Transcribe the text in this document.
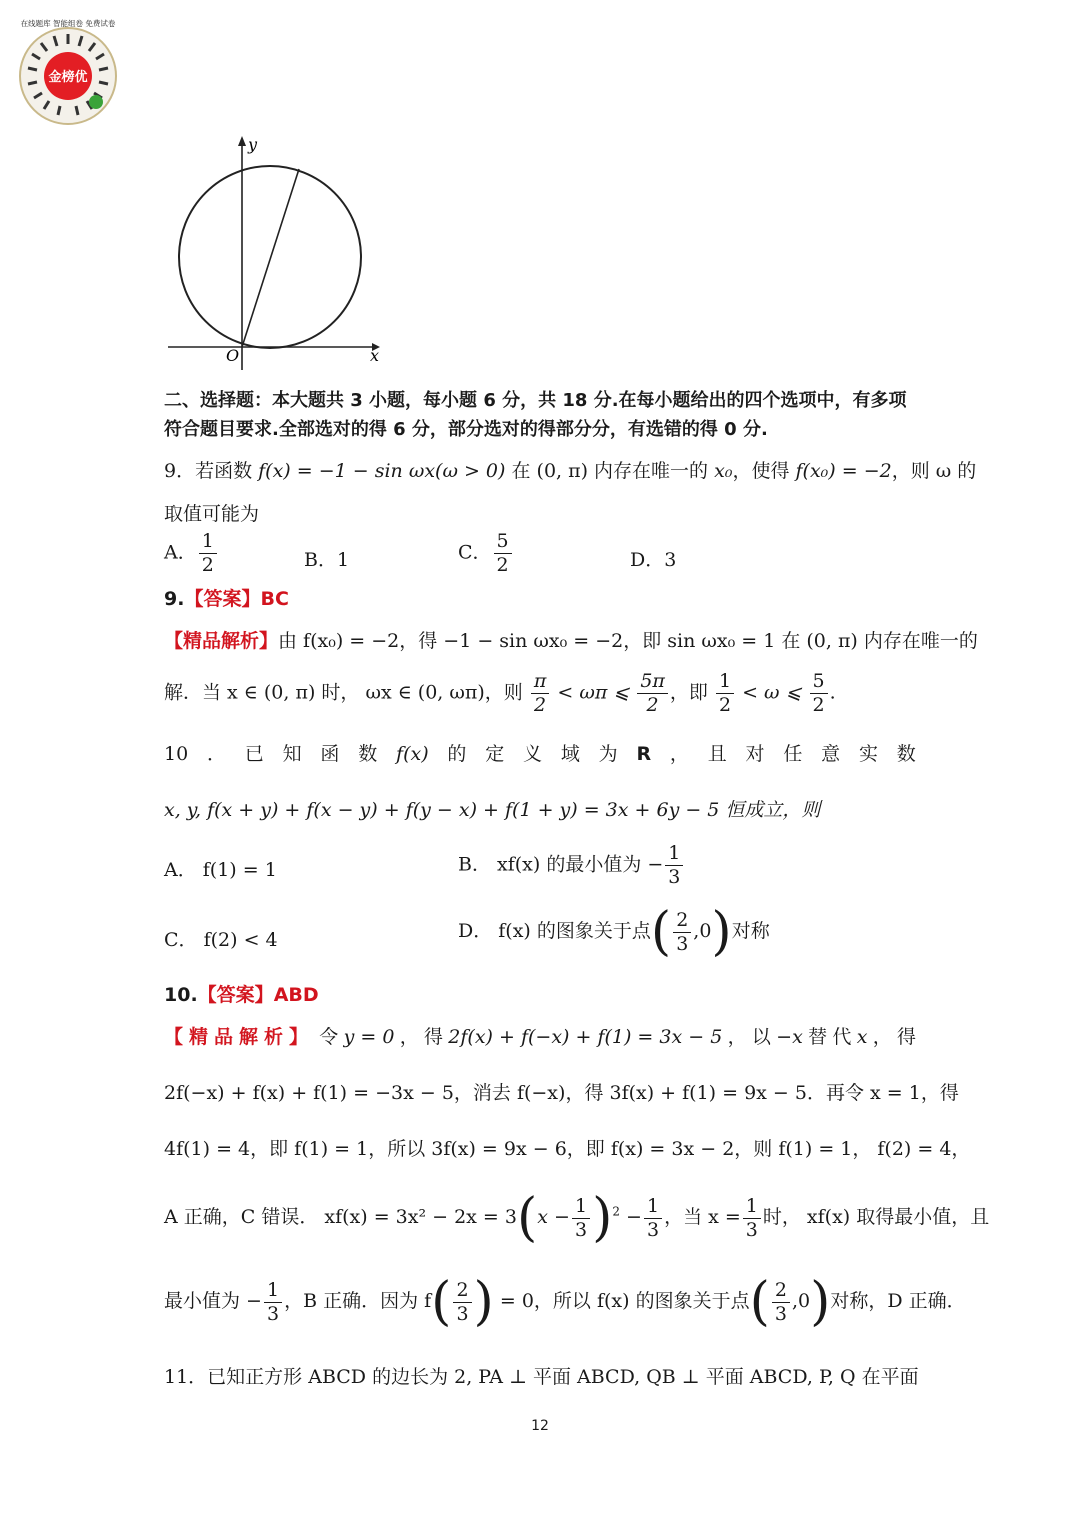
金榜优
在线题库 智能组卷 免费试卷
y
x
O
二、选择题：本大题共 3 小题，每小题 6 分，共 18 分.在每小题给出的四个选项中，有多项
符合题目要求.全部选对的得 6 分，部分选对的得部分分，有选错的得 0 分.
9．若函数 f(x) = −1 − sin ωx(ω > 0) 在 (0, π) 内存在唯一的 x₀，使得 f(x₀) = −2，则 ω 的
取值可能为
A． $\frac{1}{2}$	B．1	C． $\frac{5}{2}$	D．3
9.【答案】BC
【精品解析】由 f(x₀) = −2，得 −1 − sin ωx₀ = −2，即 sin ωx₀ = 1 在 (0, π) 内存在唯一的
解．当 x ∈ (0, π) 时， ωx ∈ (0, ωπ)，则 $\frac{\pi}{2} < \omega\pi$ ⩽ $\frac{5\pi}{2}$ ，即 $\frac{1}{2} < \omega$ ⩽ $\frac{5}{2}$ .
10 ． 已 知 函 数 f(x) 的 定 义 域 为 R ， 且 对 任 意 实 数
x, y, f(x + y) + f(x − y) + f(y − x) + f(1 + y) = 3x + 6y − 5 恒成立，则
A． f(1) = 1	B． xf(x) 的最小值为 − $\frac{1}{3}$
C． f(2) < 4	D． f(x) 的图象关于点( $\frac{2}{3} ,0$)对称
10.【答案】ABD
【精品解析】 令 y = 0 ， 得 2f(x) + f(−x) + f(1) = 3x − 5 ， 以 −x 替 代 x ， 得
2f(−x) + f(x) + f(1) = −3x − 5，消去 f(−x)，得 3f(x) + f(1) = 9x − 5．再令 x = 1，得
4f(1) = 4，即 f(1) = 1，所以 3f(x) = 9x − 6，即 f(x) = 3x − 2，则 f(1) = 1， f(2) = 4，
A 正确，C 错误． $xf(x) = 3x^2 - 2x = 3(x - \frac{1}{3} )^2 - \frac{1}{3}$ ，当 $x = \frac{1}{3}$ 时， xf(x) 取得最小值，且
最小值为 − $\frac{1}{3}$ ，B 正确．因为 $f( \frac{2}{3}$ ) = 0，所以 f(x) 的图象关于点( $\frac{2}{3} ,0$)对称，D 正确．
11．已知正方形 ABCD 的边长为 2, PA ⊥ 平面 ABCD, QB ⊥ 平面 ABCD, P, Q 在平面
12
